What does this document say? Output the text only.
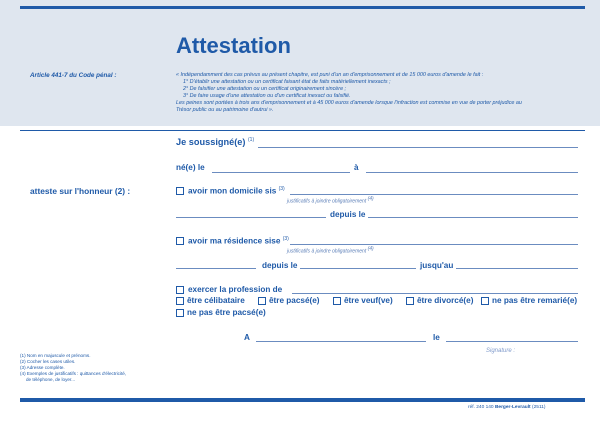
Attestation
Article 441-7 du Code pénal :	« Indépendamment des cas prévus au présent chapitre, est puni d'un an d'emprisonnement et de 15 000 euros d'amende le fait :
1° D'établir une attestation ou un certificat faisant état de faits matériellement inexacts ;
2° De falsifier une attestation ou un certificat originairement sincère ;
3° De faire usage d'une attestation ou d'un certificat inexact ou falsifié.
Les peines sont portées à trois ans d'emprisonnement et à 45 000 euros d'amende lorsque l'infraction est commise en vue de porter préjudice au
Trésor public ou au patrimoine d'autrui ».
Je soussigné(e) $^{(1)}$
né(e) le	à
atteste sur l'honneur (2) :	avoir mon domicile sis $^{(3)}$
justificatifs à joindre obligatoirement (4)
depuis le
avoir ma résidence sise $^{(3)}$
justificatifs à joindre obligatoirement (4)
depuis le	jusqu'au
exercer la profession de
être célibataire	être pacsé(e)	être veuf(ve)	être divorcé(e) ne pas être remarié(e)
ne pas être pacsé(e)
A	le
Signature :
(1) Nom en majuscule et prénoms.
(2) Cocher les cases utiles.
(3) Adresse complète.
(4) Exemples de justificatifs : quittances d'électricité,
de téléphone, de loyer...
réf. 240 140 Berger-Levrault (2511)
